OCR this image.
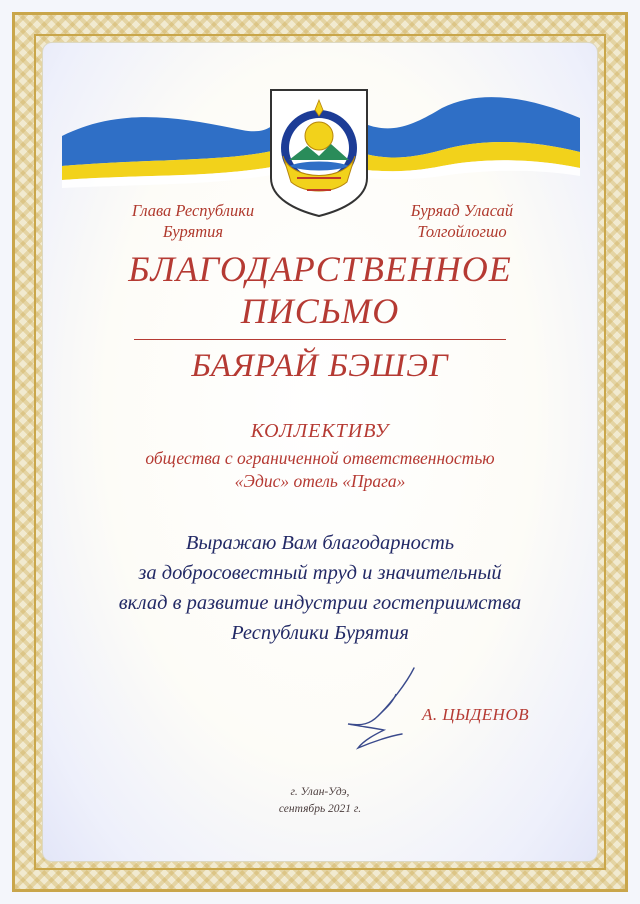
Глава Республики
Бурятия
Буряад Уласай
Толгойлогшо
БЛАГОДАРСТВЕННОЕ
ПИСЬМО
БАЯРАЙ БЭШЭГ
КОЛЛЕКТИВУ
общества с ограниченной ответственностью
«Эдис» отель «Прага»
Выражаю Вам благодарность
за добросовестный труд и значительный
вклад в развитие индустрии гостеприимства
Республики Бурятия
А. ЦЫДЕНОВ
г. Улан-Удэ,
сентябрь 2021 г.
